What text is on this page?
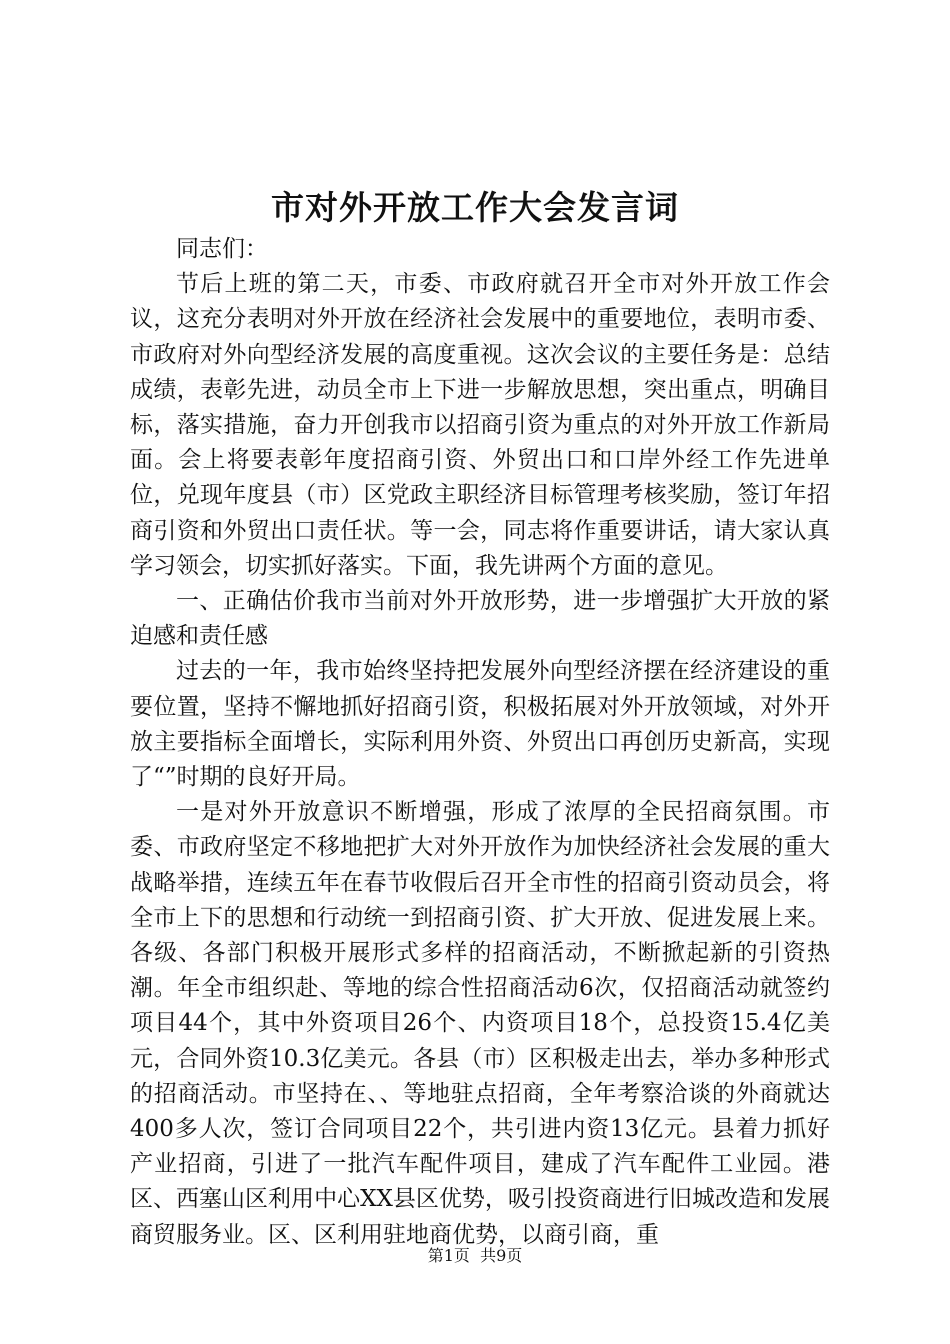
市对外开放工作大会发言词

同志们：

节后上班的第二天，市委、市政府就召开全市对外开放工作会议，这充分表明对外开放在经济社会发展中的重要地位，表明市委、市政府对外向型经济发展的高度重视。这次会议的主要任务是：总结成绩，表彰先进，动员全市上下进一步解放思想，突出重点，明确目标，落实措施，奋力开创我市以招商引资为重点的对外开放工作新局面。会上将要表彰年度招商引资、外贸出口和口岸外经工作先进单位，兑现年度县（市）区党政主职经济目标管理考核奖励，签订年招商引资和外贸出口责任状。等一会，同志将作重要讲话，请大家认真学习领会，切实抓好落实。下面，我先讲两个方面的意见。

一、正确估价我市当前对外开放形势，进一步增强扩大开放的紧迫感和责任感

过去的一年，我市始终坚持把发展外向型经济摆在经济建设的重要位置，坚持不懈地抓好招商引资，积极拓展对外开放领域，对外开放主要指标全面增长，实际利用外资、外贸出口再创历史新高，实现了“”时期的良好开局。

一是对外开放意识不断增强，形成了浓厚的全民招商氛围。市委、市政府坚定不移地把扩大对外开放作为加快经济社会发展的重大战略举措，连续五年在春节收假后召开全市性的招商引资动员会，将全市上下的思想和行动统一到招商引资、扩大开放、促进发展上来。各级、各部门积极开展形式多样的招商活动，不断掀起新的引资热潮。年全市组织赴、等地的综合性招商活动6次，仅招商活动就签约项目44个，其中外资项目26个、内资项目18个，总投资15.4亿美元，合同外资10.3亿美元。各县（市）区积极走出去，举办多种形式的招商活动。市坚持在、、等地驻点招商，全年考察洽谈的外商就达400多人次，签订合同项目22个，共引进内资13亿元。县着力抓好产业招商，引进了一批汽车配件项目，建成了汽车配件工业园。港区、西塞山区利用中心XX县区优势，吸引投资商进行旧城改造和发展商贸服务业。区、区利用驻地商优势，以商引商，重

第1页 共9页
